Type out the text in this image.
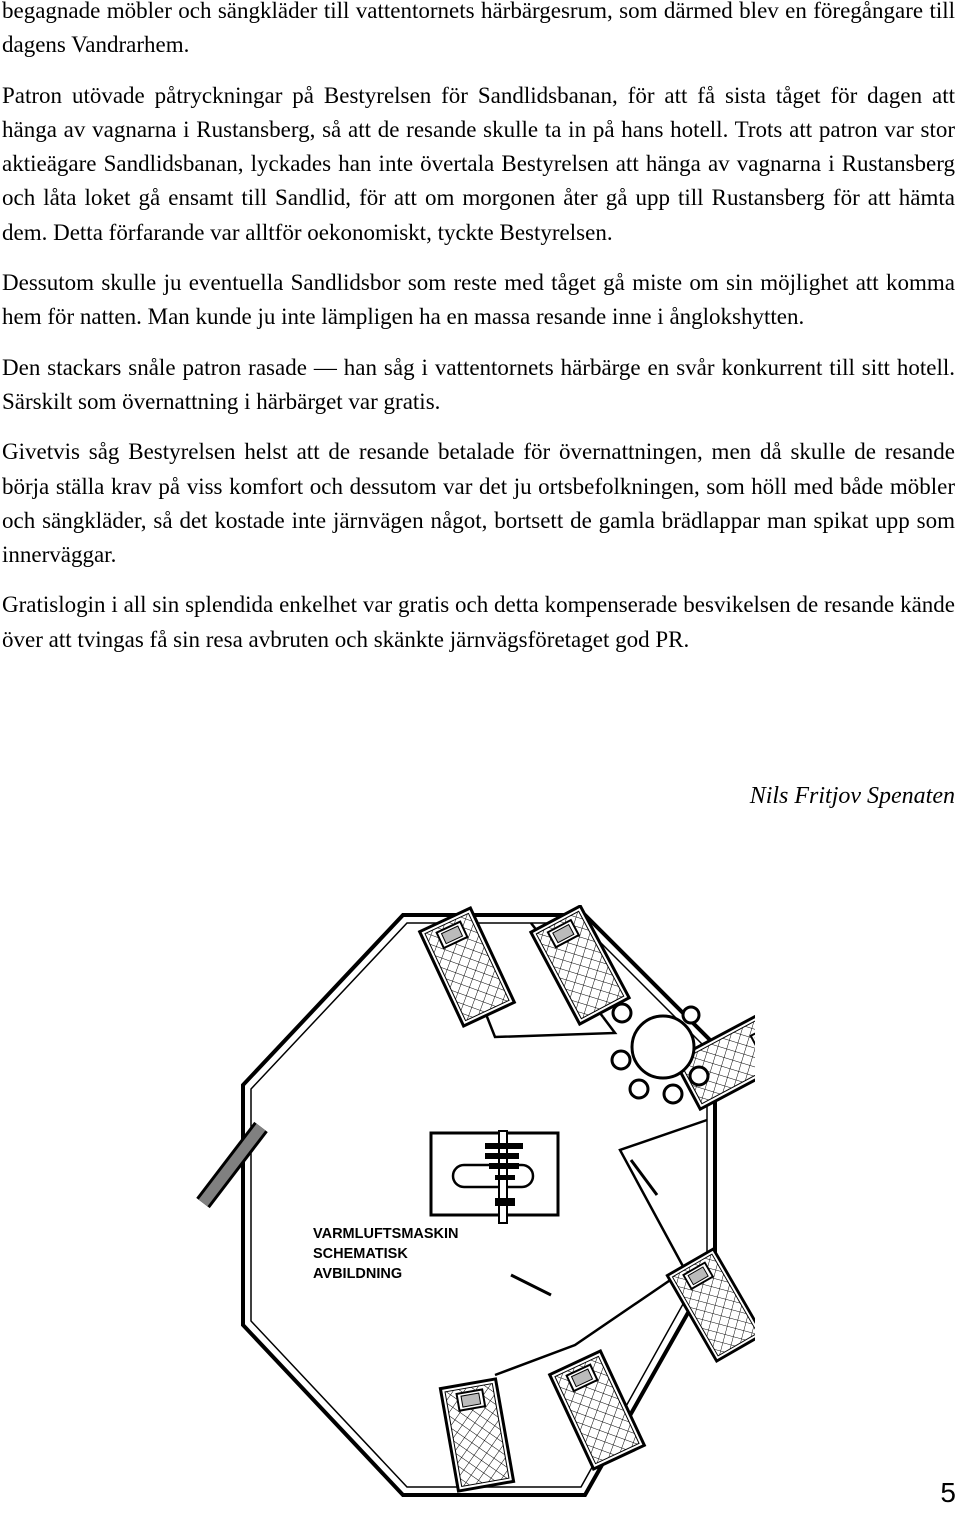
begagnade möbler och sängkläder till vattentornets härbärgesrum, som därmed blev en föregångare till dagens Vandrarhem.

Patron utövade påtryckningar på Bestyrelsen för Sandlidsbanan, för att få sista tåget för dagen att hänga av vagnarna i Rustansberg, så att de resande skulle ta in på hans hotell. Trots att patron var stor aktieägare Sandlidsbanan, lyckades han inte övertala Bestyrelsen att hänga av vagnarna i Rustansberg och låta loket gå ensamt till Sandlid, för att om morgonen åter gå upp till Rustansberg för att hämta dem. Detta förfarande var alltför oekonomiskt, tyckte Bestyrelsen.

Dessutom skulle ju eventuella Sandlidsbor som reste med tåget gå miste om sin möjlighet att komma hem för natten. Man kunde ju inte lämpligen ha en massa resande inne i ånglokshytten.

Den stackars snåle patron rasade — han såg i vattentornets härbärge en svår konkurrent till sitt hotell. Särskilt som övernattning i härbärget var gratis.

Givetvis såg Bestyrelsen helst att de resande betalade för övernattningen, men då skulle de resande börja ställa krav på viss komfort och dessutom var det ju ortsbefolkningen, som höll med både möbler och sängkläder, så det kostade inte järnvägen något, bortsett de gamla brädlappar man spikat upp som innerväggar.

Gratislogin i all sin splendida enkelhet var gratis och detta kompenserade besvikelsen de resande kände över att tvingas få sin resa avbruten och skänkte järnvägsföretaget god PR.

Nils Fritjov Spenaten
VARMLUFTSMASKIN
SCHEMATISK
AVBILDNING
5
